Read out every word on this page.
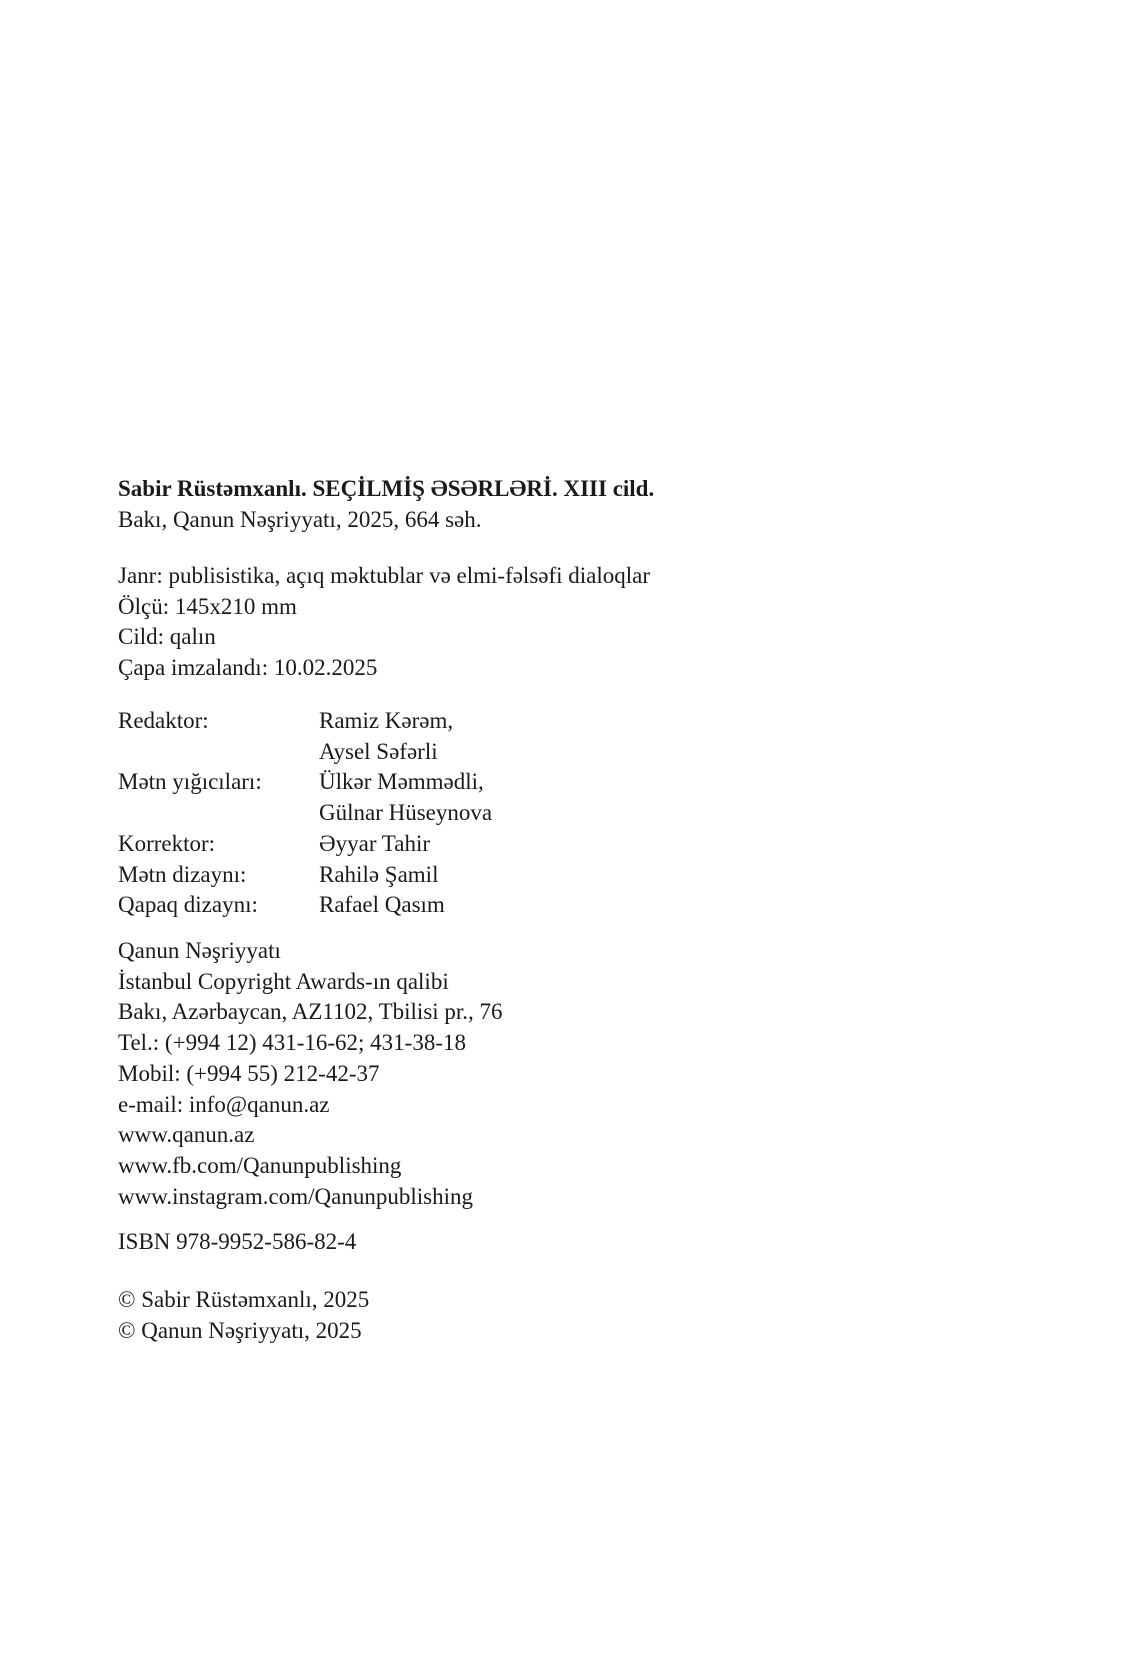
Sabir Rüstəmxanlı. SEÇİLMİŞ ƏSƏRLƏRİ. XIII cild.
Bakı, Qanun Nəşriyyatı, 2025, 664 səh.
Janr: publisistika, açıq məktublar və elmi-fəlsəfi dialoqlar
Ölçü: 145x210 mm
Cild: qalın
Çapa imzalandı: 10.02.2025
Redaktor:	Ramiz Kərəm,
Aysel Səfərli
Mətn yığıcıları:	Ülkər Məmmədli,
Gülnar Hüseynova
Korrektor:	Əyyar Tahir
Mətn dizaynı:	Rahilə Şamil
Qapaq dizaynı:	Rafael Qasım
Qanun Nəşriyyatı
İstanbul Copyright Awards-ın qalibi
Bakı, Azərbaycan, AZ1102, Tbilisi pr., 76
Tel.: (+994 12) 431-16-62; 431-38-18
Mobil: (+994 55) 212-42-37
e-mail: info@qanun.az
www.qanun.az
www.fb.com/Qanunpublishing
www.instagram.com/Qanunpublishing
ISBN 978-9952-586-82-4
© Sabir Rüstəmxanlı, 2025
© Qanun Nəşriyyatı, 2025
